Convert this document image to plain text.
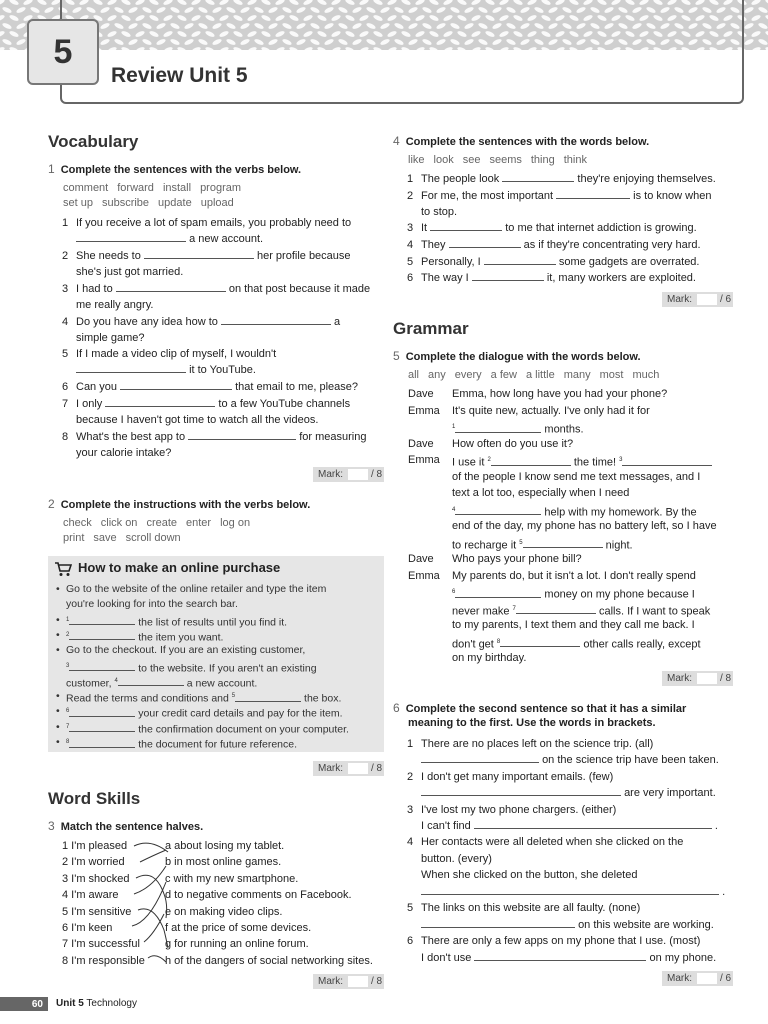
5
Review Unit 5
Vocabulary
1 Complete the sentences with the verbs below.
comment forward install program
set up subscribe update upload
1 If you receive a lot of spam emails, you probably need to
a new account.
2 She needs to	her profile because
she's just got married.
3 I had to	on that post because it made
me really angry.
4 Do you have any idea how to	a
simple game?
5 If I made a video clip of myself, I wouldn't
it to YouTube.
6 Can you	that email to me, please?
7 I only	to a few YouTube channels
because I haven't got time to watch all the videos.
8 What's the best app to	for measuring
your calorie intake?
Mark:	/ 8
2 Complete the instructions with the verbs below.
check click on create enter log on
print save scroll down
How to make an online purchase
• Go to the website of the online retailer and type the item
you're looking for into the search bar.
• $^1$	the list of results until you find it.
• $^2$	the item you want.
• Go to the checkout. If you are an existing customer,
$^3$	to the website. If you aren't an existing
customer, $^4$	a new account.
• Read the terms and conditions and $^5$	the box.
• $^6$	your credit card details and pay for the item.
• $^7$	the confirmation document on your computer.
• $^8$	the document for future reference.
Mark:	/ 8
Word Skills
3 Match the sentence halves.
1 I'm pleased
2 I'm worried
3 I'm shocked
4 I'm aware
5 I'm sensitive
6 I'm keen
7 I'm successful
8 I'm responsible
a about losing my tablet.
b in most online games.
c with my new smartphone.
d to negative comments on Facebook.
e on making video clips.
f at the price of some devices.
g for running an online forum.
h of the dangers of social networking sites.
Mark:	/ 8
4 Complete the sentences with the words below.
like look see seems thing think
1 The people look	they're enjoying themselves.
2 For me, the most important	is to know when
to stop.
3 It	to me that internet addiction is growing.
4 They	as if they're concentrating very hard.
5 Personally, I	some gadgets are overrated.
6 The way I	it, many workers are exploited.
Mark:	/ 6
Grammar
5 Complete the dialogue with the words below.
all any every a few a little many most much
Dave Emma, how long have you had your phone?
Emma It's quite new, actually. I've only had it for
$^1$	months.
Dave How often do you use it?
Emma I use it $^2$	the time! $^3$
of the people I know send me text messages, and I
text a lot too, especially when I need
$^4$	help with my homework. By the
end of the day, my phone has no battery left, so I have
to recharge it $^5$	night.
Dave Who pays your phone bill?
Emma My parents do, but it isn't a lot. I don't really spend
$^6$	money on my phone because I
never make $^7$	calls. If I want to speak
to my parents, I text them and they call me back. I
don't get $^8$	other calls really, except
on my birthday.
Mark:	/ 8
6 Complete the second sentence so that it has a similar
meaning to the first. Use the words in brackets.
1 There are no places left on the science trip. (all)
on the science trip have been taken.
2 I don't get many important emails. (few)
are very important.
3 I've lost my two phone chargers. (either)
I can't find	.
4 Her contacts were all deleted when she clicked on the
button. (every)
When she clicked on the button, she deleted
.
5 The links on this website are all faulty. (none)
on this website are working.
6 There are only a few apps on my phone that I use. (most)
I don't use	on my phone.
Mark:	/ 6
60	Unit 5 Technology
